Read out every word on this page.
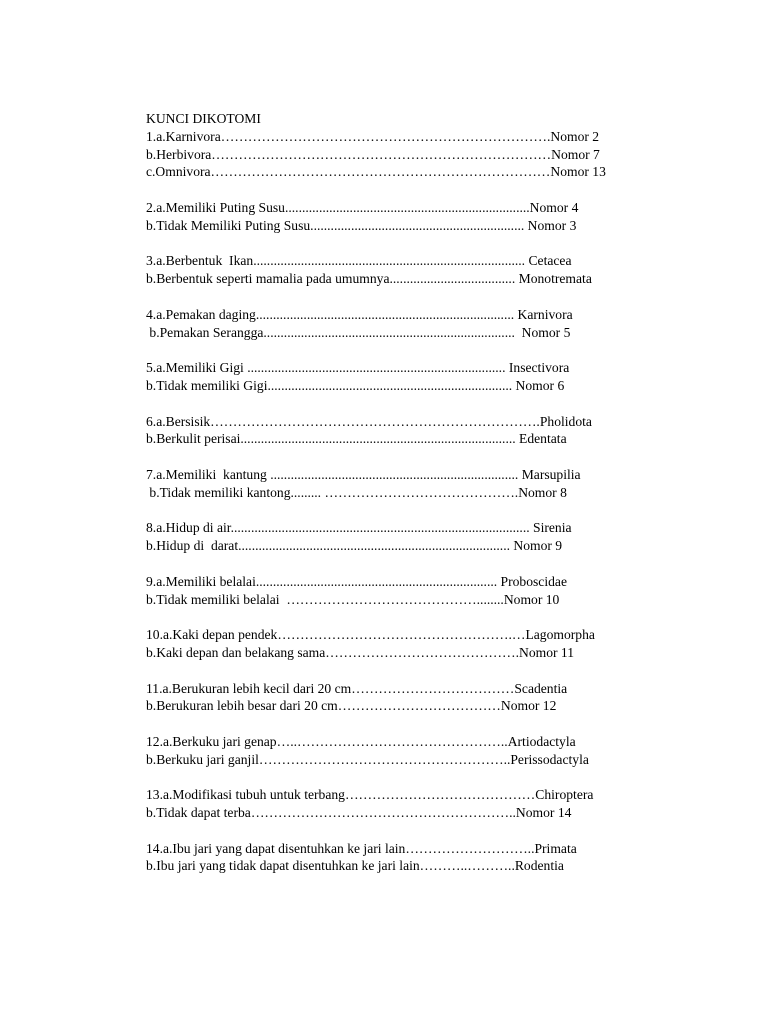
KUNCI DIKOTOMI

1.a.Karnivora……………………………………………………………….Nomor 2
b.Herbivora…………………………………………………………………Nomor 7
c.Omnivora…………………………………………………………………Nomor 13
2.a.Memiliki Puting Susu........................................................................Nomor 4
b.Tidak Memiliki Puting Susu............................................................... Nomor 3
3.a.Berbentuk  Ikan................................................................................ Cetacea
b.Berbentuk seperti mamalia pada umumnya..................................... Monotremata
4.a.Pemakan daging............................................................................ Karnivora
b.Pemakan Serangga..........................................................................  Nomor 5
5.a.Memiliki Gigi ............................................................................ Insectivora
b.Tidak memiliki Gigi........................................................................ Nomor 6
6.a.Bersisik……………………………………………………………….Pholidota
b.Berkulit perisai................................................................................. Edentata
7.a.Memiliki  kantung ......................................................................... Marsupilia
b.Tidak memiliki kantong......... …………………………………….Nomor 8
8.a.Hidup di air........................................................................................ Sirenia
b.Hidup di  darat................................................................................ Nomor 9
9.a.Memiliki belalai....................................................................... Proboscidae
b.Tidak memiliki belalai  ……………………………………........Nomor 10
10.a.Kaki depan pendek…………………………………………….…Lagomorpha
b.Kaki depan dan belakang sama…………………………………….Nomor 11
11.a.Berukuran lebih kecil dari 20 cm………………………………Scadentia
b.Berukuran lebih besar dari 20 cm………………………………Nomor 12
12.a.Berkuku jari genap…..………………………………………..Artiodactyla
b.Berkuku jari ganjil………………………………………………..Perissodactyla
13.a.Modifikasi tubuh untuk terbang……………………………………Chiroptera
b.Tidak dapat terba…………………………………………………..Nomor 14
14.a.Ibu jari yang dapat disentuhkan ke jari lain………………………..Primata
b.Ibu jari yang tidak dapat disentuhkan ke jari lain………..………..Rodentia
